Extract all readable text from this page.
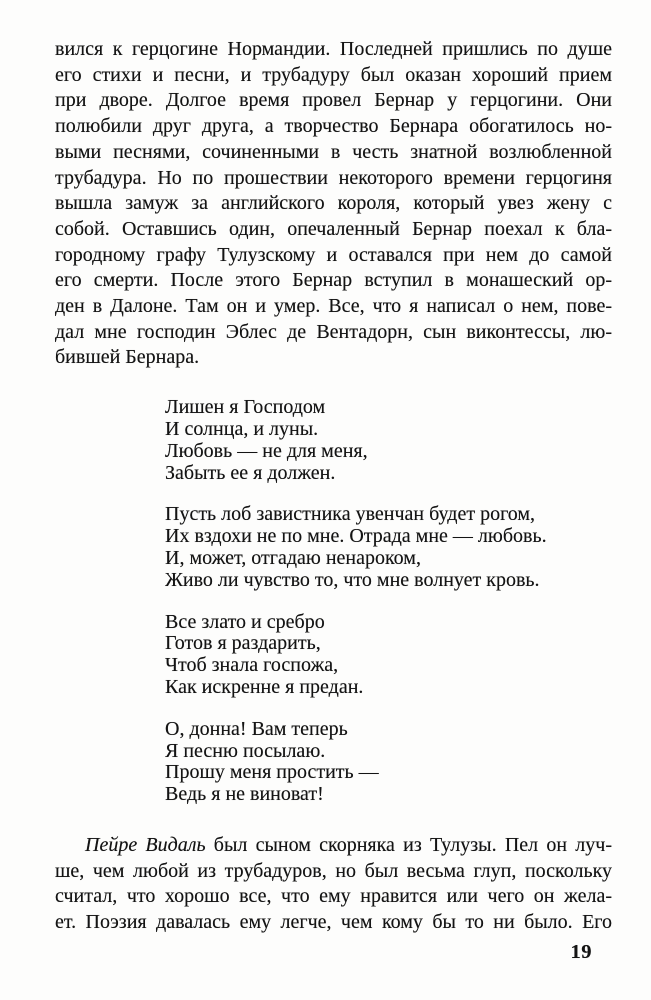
вился к герцогине Нормандии. Последней пришлись по душе
его стихи и песни, и трубадуру был оказан хороший прием
при дворе. Долгое время провел Бернар у герцогини. Они
полюбили друг друга, а творчество Бернара обогатилось но-
выми песнями, сочиненными в честь знатной возлюбленной
трубадура. Но по прошествии некоторого времени герцогиня
вышла замуж за английского короля, который увез жену с
собой. Оставшись один, опечаленный Бернар поехал к бла-
городному графу Тулузскому и оставался при нем до самой
его смерти. После этого Бернар вступил в монашеский ор-
ден в Далоне. Там он и умер. Все, что я написал о нем, пове-
дал мне господин Эблес де Вентадорн, сын виконтессы, лю-
бившей Бернара.
Лишен я Господом
И солнца, и луны.
Любовь — не для меня,
Забыть ее я должен.
Пусть лоб завистника увенчан будет рогом,
Их вздохи не по мне. Отрада мне — любовь.
И, может, отгадаю ненароком,
Живо ли чувство то, что мне волнует кровь.
Все злато и сребро
Готов я раздарить,
Чтоб знала госпожа,
Как искренне я предан.
О, донна! Вам теперь
Я песню посылаю.
Прошу меня простить —
Ведь я не виноват!
Пейре Видаль был сыном скорняка из Тулузы. Пел он луч-
ше, чем любой из трубадуров, но был весьма глуп, поскольку
считал, что хорошо все, что ему нравится или чего он жела-
ет. Поэзия давалась ему легче, чем кому бы то ни было. Его
19
